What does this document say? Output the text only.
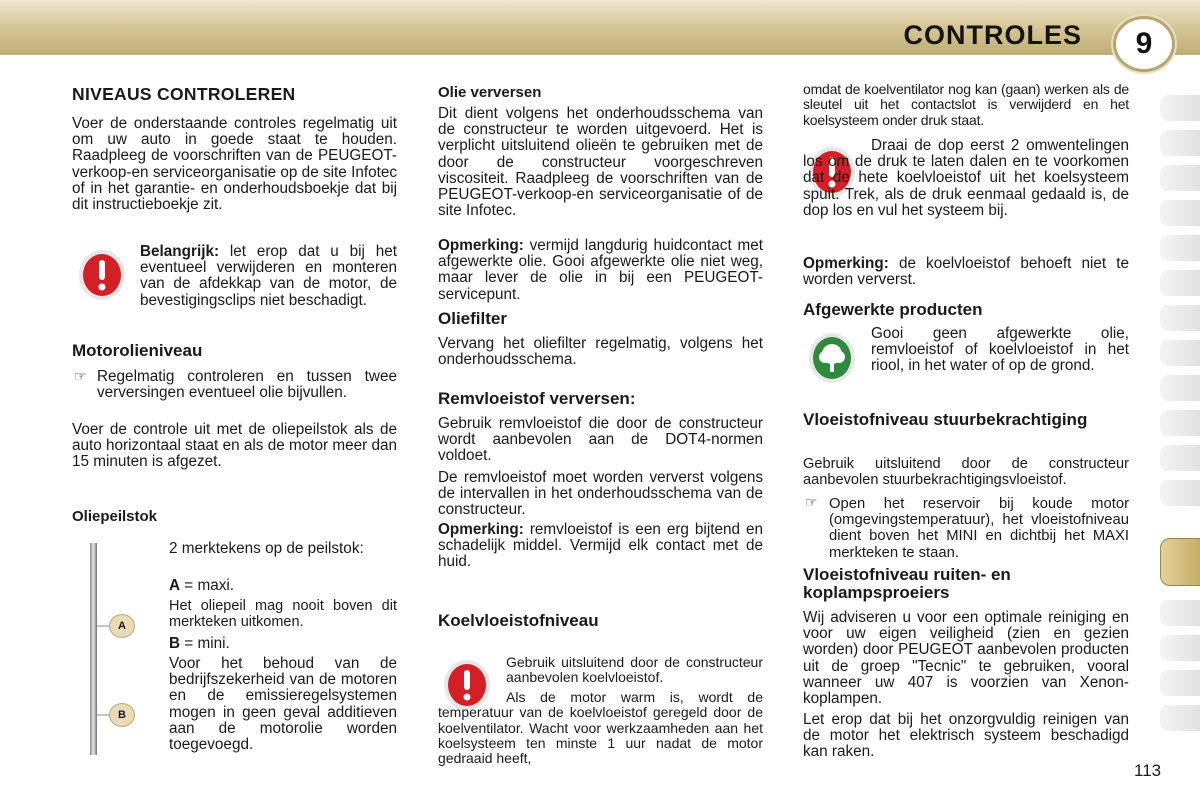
CONTROLES	9
NIVEAUS CONTROLEREN

Voer de onderstaande controles regelmatig uit om uw auto in goede staat te houden. Raadpleeg de voorschriften van de PEUGEOT-verkoop-en serviceorganisatie op de site Infotec of in het garantie- en onderhoudsboekje dat bij dit instructieboekje zit.

Belangrijk: let erop dat u bij het eventueel verwijderen en monteren van de afdekkap van de motor, de bevestigingsclips niet beschadigt.

Motorolieniveau
☞ Regelmatig controleren en tussen twee verversingen eventueel olie bijvullen.

Voer de controle uit met de oliepeilstok als de auto horizontaal staat en als de motor meer dan 15 minuten is afgezet.

Oliepeilstok

2 merktekens op de peilstok:

A = maxi.

Het oliepeil mag nooit boven dit merkteken uitkomen.

B = mini.

Voor het behoud van de bedrijfszekerheid van de motoren en de emissieregelsystemen mogen in geen geval additieven aan de motorolie worden toegevoegd.

A
B
Olie verversen

Dit dient volgens het onderhoudsschema van de constructeur te worden uitgevoerd. Het is verplicht uitsluitend olieën te gebruiken met de door de constructeur voorgeschreven viscositeit. Raadpleeg de voorschriften van de PEUGEOT-verkoop-en serviceorganisatie of de site Infotec.

Opmerking: vermijd langdurig huidcontact met afgewerkte olie. Gooi afgewerkte olie niet weg, maar lever de olie in bij een PEUGEOT-servicepunt.

Oliefilter

Vervang het oliefilter regelmatig, volgens het onderhoudsschema.

Remvloeistof verversen:

Gebruik remvloeistof die door de constructeur wordt aanbevolen aan de DOT4-normen voldoet.

De remvloeistof moet worden ververst volgens de intervallen in het onderhoudsschema van de constructeur.

Opmerking: remvloeistof is een erg bijtend en schadelijk middel. Vermijd elk contact met de huid.

Koelvloeistofniveau

Gebruik uitsluitend door de constructeur aanbevolen koelvloeistof.

Als de motor warm is, wordt de temperatuur van de koelvloeistof geregeld door de koelventilator. Wacht voor werkzaamheden aan het koelsysteem ten minste 1 uur nadat de motor gedraaid heeft,

omdat de koelventilator nog kan (gaan) werken als de sleutel uit het contactslot is verwijderd en het koelsysteem onder druk staat.

Draai de dop eerst 2 omwentelingen los om de druk te laten dalen en te voorkomen dat de hete koelvloeistof uit het koelsysteem spuit. Trek, als de druk eenmaal gedaald is, de dop los en vul het systeem bij.

Opmerking: de koelvloeistof behoeft niet te worden ververst.

Afgewerkte producten

Gooi geen afgewerkte olie, remvloeistof of koelvloeistof in het riool, in het water of op de grond.

Vloeistofniveau stuurbekrachtiging

Gebruik uitsluitend door de constructeur aanbevolen stuurbekrachtigingsvloeistof.

☞ Open het reservoir bij koude motor (omgevingstemperatuur), het vloeistofniveau dient boven het MINI en dichtbij het MAXI merkteken te staan.

Vloeistofniveau ruiten- en koplampsproeiers

Wij adviseren u voor een optimale reiniging en voor uw eigen veiligheid (zien en gezien worden) door PEUGEOT aanbevolen producten uit de groep "Tecnic" te gebruiken, vooral wanneer uw 407 is voorzien van Xenon-koplampen.

Let erop dat bij het onzorgvuldig reinigen van de motor het elektrisch systeem beschadigd kan raken.

113
